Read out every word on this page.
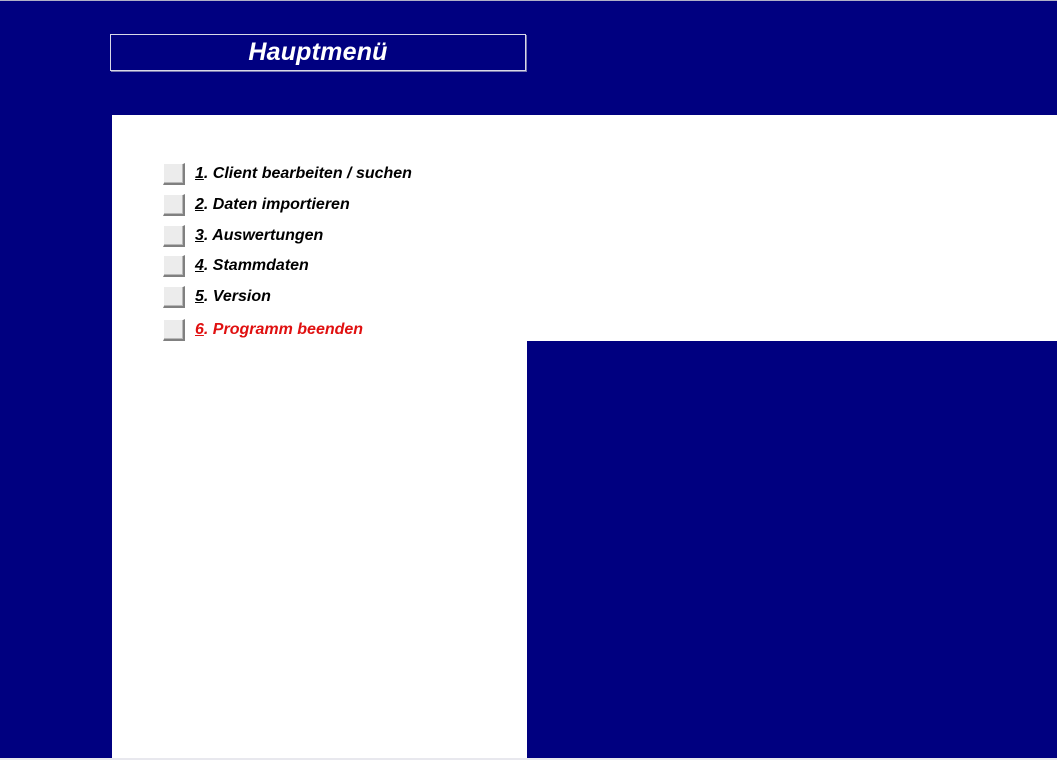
Hauptmenü
1. Client bearbeiten / suchen
2. Daten importieren
3. Auswertungen
4. Stammdaten
5. Version
6. Programm beenden
